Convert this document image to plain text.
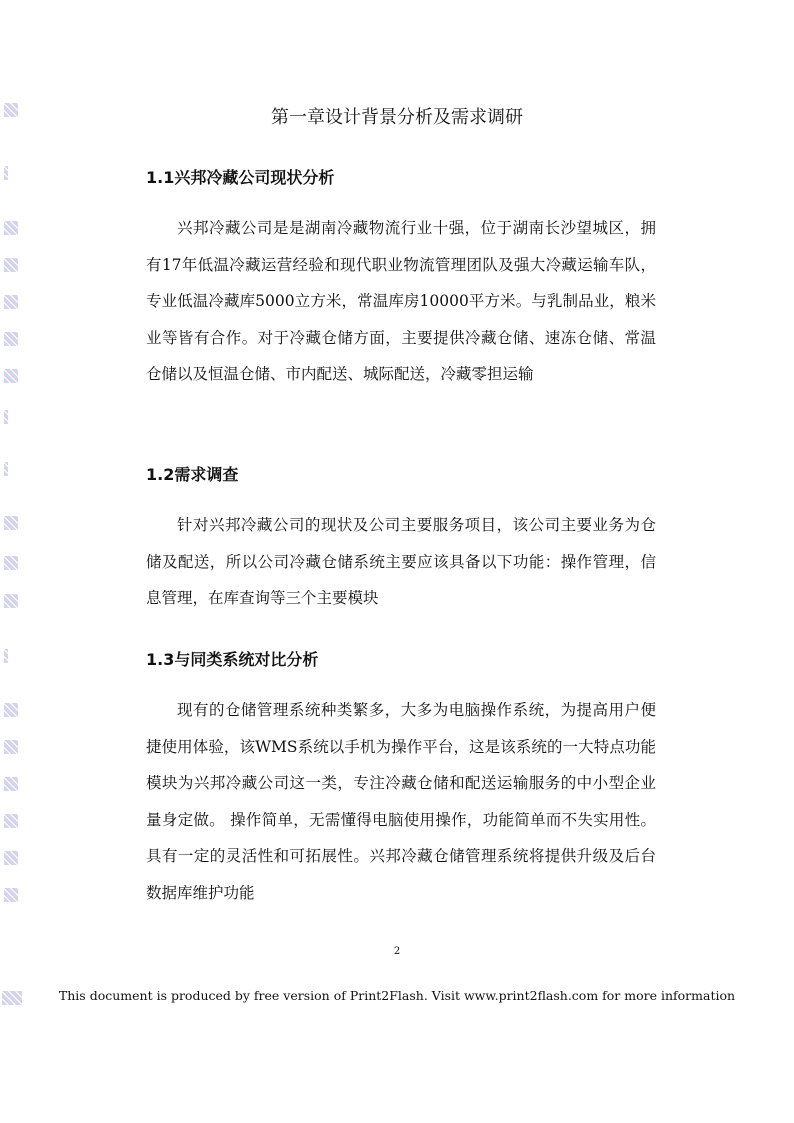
第一章设计背景分析及需求调研
1.1兴邦冷藏公司现状分析

兴邦冷藏公司是是湖南冷藏物流行业十强，位于湖南长沙望城区，拥有17年低温冷藏运营经验和现代职业物流管理团队及强大冷藏运输车队，专业低温冷藏库5000立方米，常温库房10000平方米。与乳制品业，粮米业等皆有合作。对于冷藏仓储方面，主要提供冷藏仓储、速冻仓储、常温仓储以及恒温仓储、市内配送、城际配送，冷藏零担运输

1.2需求调查

针对兴邦冷藏公司的现状及公司主要服务项目，该公司主要业务为仓储及配送，所以公司冷藏仓储系统主要应该具备以下功能：操作管理，信息管理，在库查询等三个主要模块

1.3与同类系统对比分析

现有的仓储管理系统种类繁多，大多为电脑操作系统，为提高用户便捷使用体验，该WMS系统以手机为操作平台，这是该系统的一大特点功能模块为兴邦冷藏公司这一类，专注冷藏仓储和配送运输服务的中小型企业量身定做。 操作简单，无需懂得电脑使用操作，功能简单而不失实用性。具有一定的灵活性和可拓展性。兴邦冷藏仓储管理系统将提供升级及后台数据库维护功能

2
This document is produced by free version of Print2Flash. Visit www.print2flash.com for more information
